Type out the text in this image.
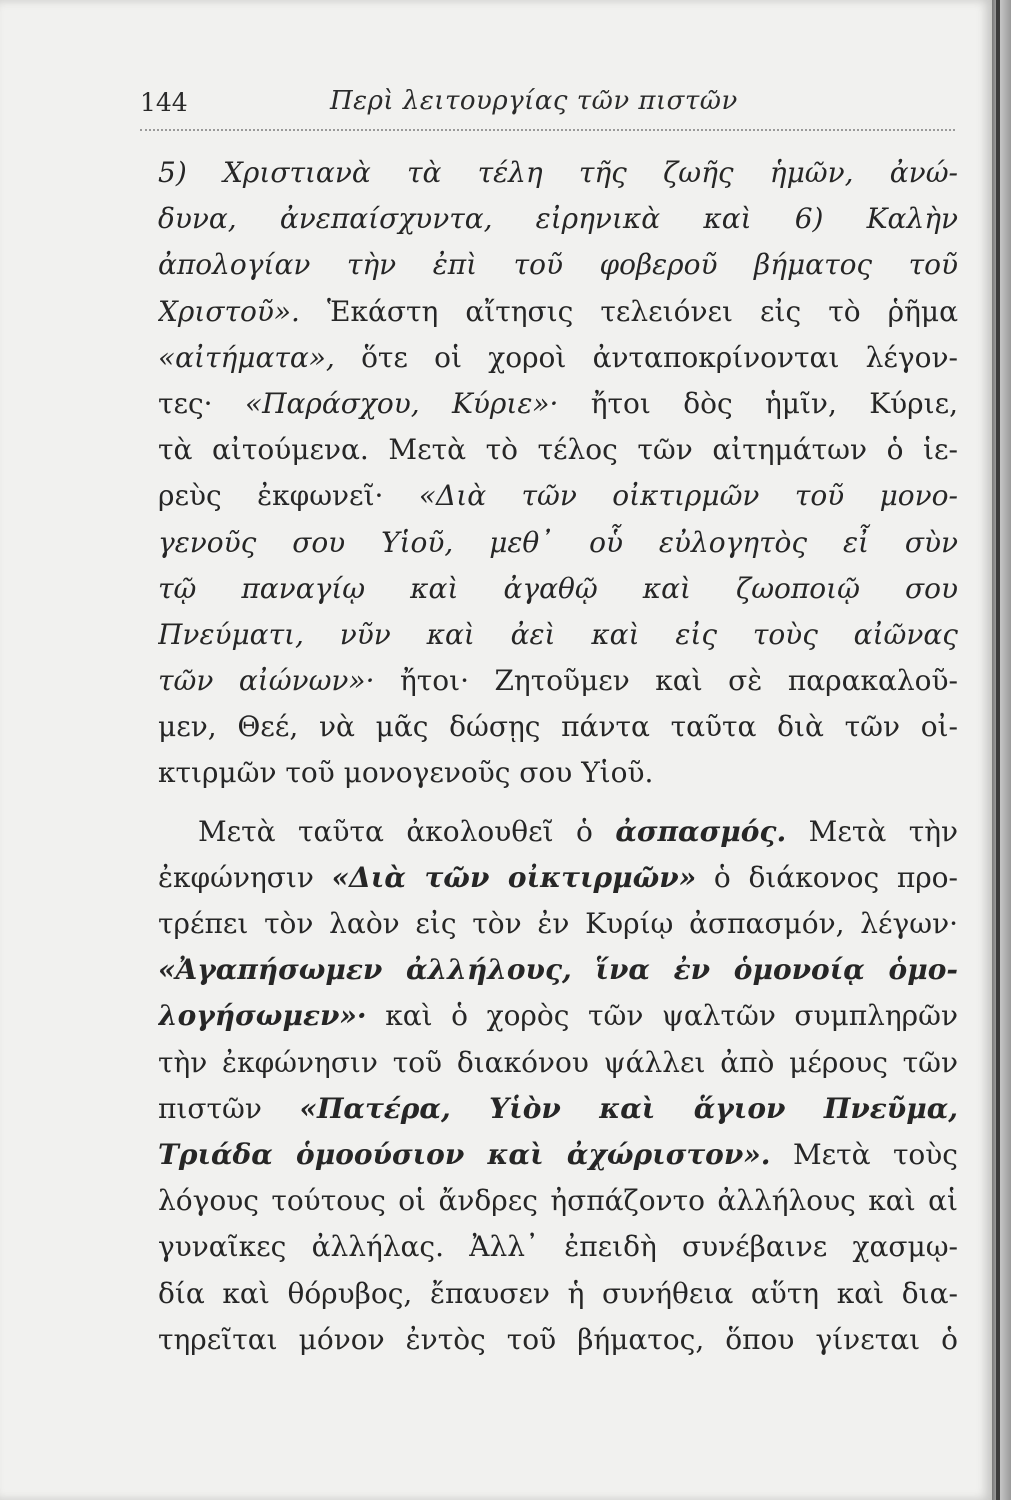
144	Περὶ λειτουργίας τῶν πιστῶν
5) Χριστιανὰ τὰ τέλη τῆς ζωῆς ἡμῶν, ἀνώ-
δυνα, ἀνεπαίσχυντα, εἰρηνικὰ καὶ 6) Καλὴν
ἀπολογίαν τὴν ἐπὶ τοῦ φοβεροῦ βήματος τοῦ
Χριστοῦ». Ἑκάστη αἴτησις τελειόνει εἰς τὸ ῥῆμα
«αἰτήματα», ὅτε οἱ χοροὶ ἀνταποκρίνονται λέγον-
τες· «Παράσχου, Κύριε»· ἤτοι δὸς ἡμῖν, Κύριε,
τὰ αἰτούμενα. Μετὰ τὸ τέλος τῶν αἰτημάτων ὁ ἱε-
ρεὺς ἐκφωνεῖ· «Διὰ τῶν οἰκτιρμῶν τοῦ μονο-
γενοῦς σου Υἱοῦ, μεθ᾽ οὗ εὐλογητὸς εἶ σὺν
τῷ παναγίῳ καὶ ἀγαθῷ καὶ ζωοποιῷ σου
Πνεύματι, νῦν καὶ ἀεὶ καὶ εἰς τοὺς αἰῶνας
τῶν αἰώνων»· ἤτοι· Ζητοῦμεν καὶ σὲ παρακαλοῦ-
μεν, Θεέ, νὰ μᾶς δώσῃς πάντα ταῦτα διὰ τῶν οἰ-
κτιρμῶν τοῦ μονογενοῦς σου Υἱοῦ.
Μετὰ ταῦτα ἀκολουθεῖ ὁ ἀσπασμός. Μετὰ τὴν
ἐκφώνησιν «Διὰ τῶν οἰκτιρμῶν» ὁ διάκονος προ-
τρέπει τὸν λαὸν εἰς τὸν ἐν Κυρίῳ ἀσπασμόν, λέγων·
«Ἀγαπήσωμεν ἀλλήλους, ἵνα ἐν ὁμονοίᾳ ὁμο-
λογήσωμεν»· καὶ ὁ χορὸς τῶν ψαλτῶν συμπληρῶν
τὴν ἐκφώνησιν τοῦ διακόνου ψάλλει ἀπὸ μέρους τῶν
πιστῶν «Πατέρα, Υἱὸν καὶ ἅγιον Πνεῦμα,
Τριάδα ὁμοούσιον καὶ ἀχώριστον». Μετὰ τοὺς
λόγους τούτους οἱ ἄνδρες ἠσπάζοντο ἀλλήλους καὶ αἱ
γυναῖκες ἀλλήλας. Ἀλλ᾽ ἐπειδὴ συνέβαινε χασμῳ-
δία καὶ θόρυβος, ἔπαυσεν ἡ συνήθεια αὕτη καὶ δια-
τηρεῖται μόνον ἐντὸς τοῦ βήματος, ὅπου γίνεται ὁ
